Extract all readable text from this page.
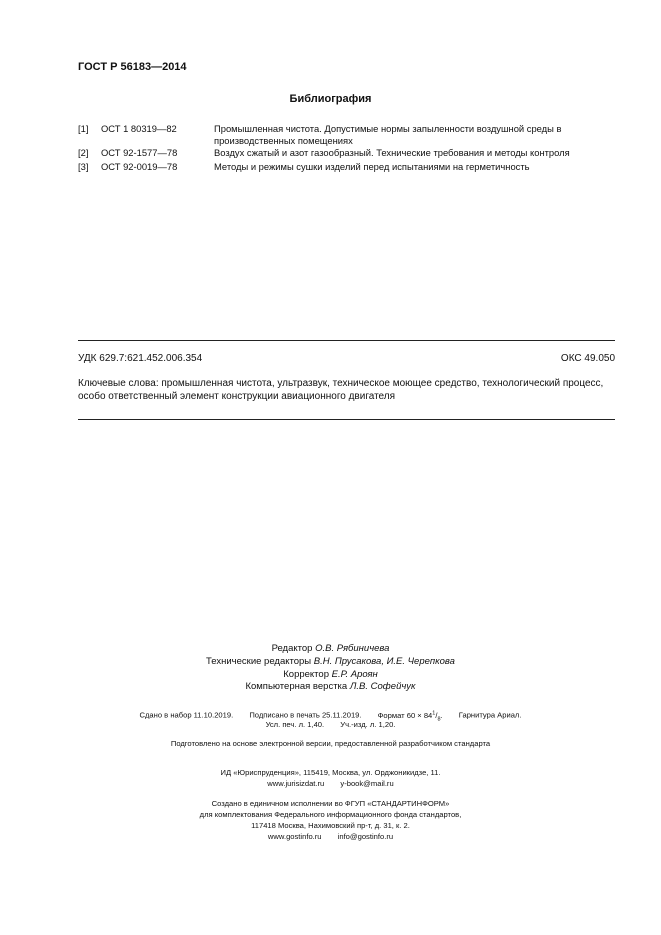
ГОСТ Р 56183—2014
Библиография
[1] ОСТ 1 80319—82	Промышленная чистота. Допустимые нормы запыленности воздушной среды в производственных помещениях
[2] ОСТ 92-1577—78	Воздух сжатый и азот газообразный. Технические требования и методы контроля
[3] ОСТ 92-0019—78	Методы и режимы сушки изделий перед испытаниями на герметичность
УДК 629.7:621.452.006.354	ОКС 49.050
Ключевые слова: промышленная чистота, ультразвук, техническое моющее средство, технологический процесс, особо ответственный элемент конструкции авиационного двигателя
Редактор О.В. Рябиничева
Технические редакторы В.Н. Прусакова, И.Е. Черепкова
Корректор Е.Р. Ароян
Компьютерная верстка Л.В. Софейчук
Сдано в набор 11.10.2019. Подписано в печать 25.11.2019. Формат $60 \times 84^1/_8$. Гарнитура Ариал.
Усл. печ. л. 1,40. Уч.-изд. л. 1,20.
Подготовлено на основе электронной версии, предоставленной разработчиком стандарта
ИД «Юриспруденция», 115419, Москва, ул. Орджоникидзе, 11.
www.jurisizdat.ru y-book@mail.ru
Создано в единичном исполнении во ФГУП «СТАНДАРТИНФОРМ»
для комплектования Федерального информационного фонда стандартов,
117418 Москва, Нахимовский пр-т, д. 31, к. 2.
www.gostinfo.ru info@gostinfo.ru
